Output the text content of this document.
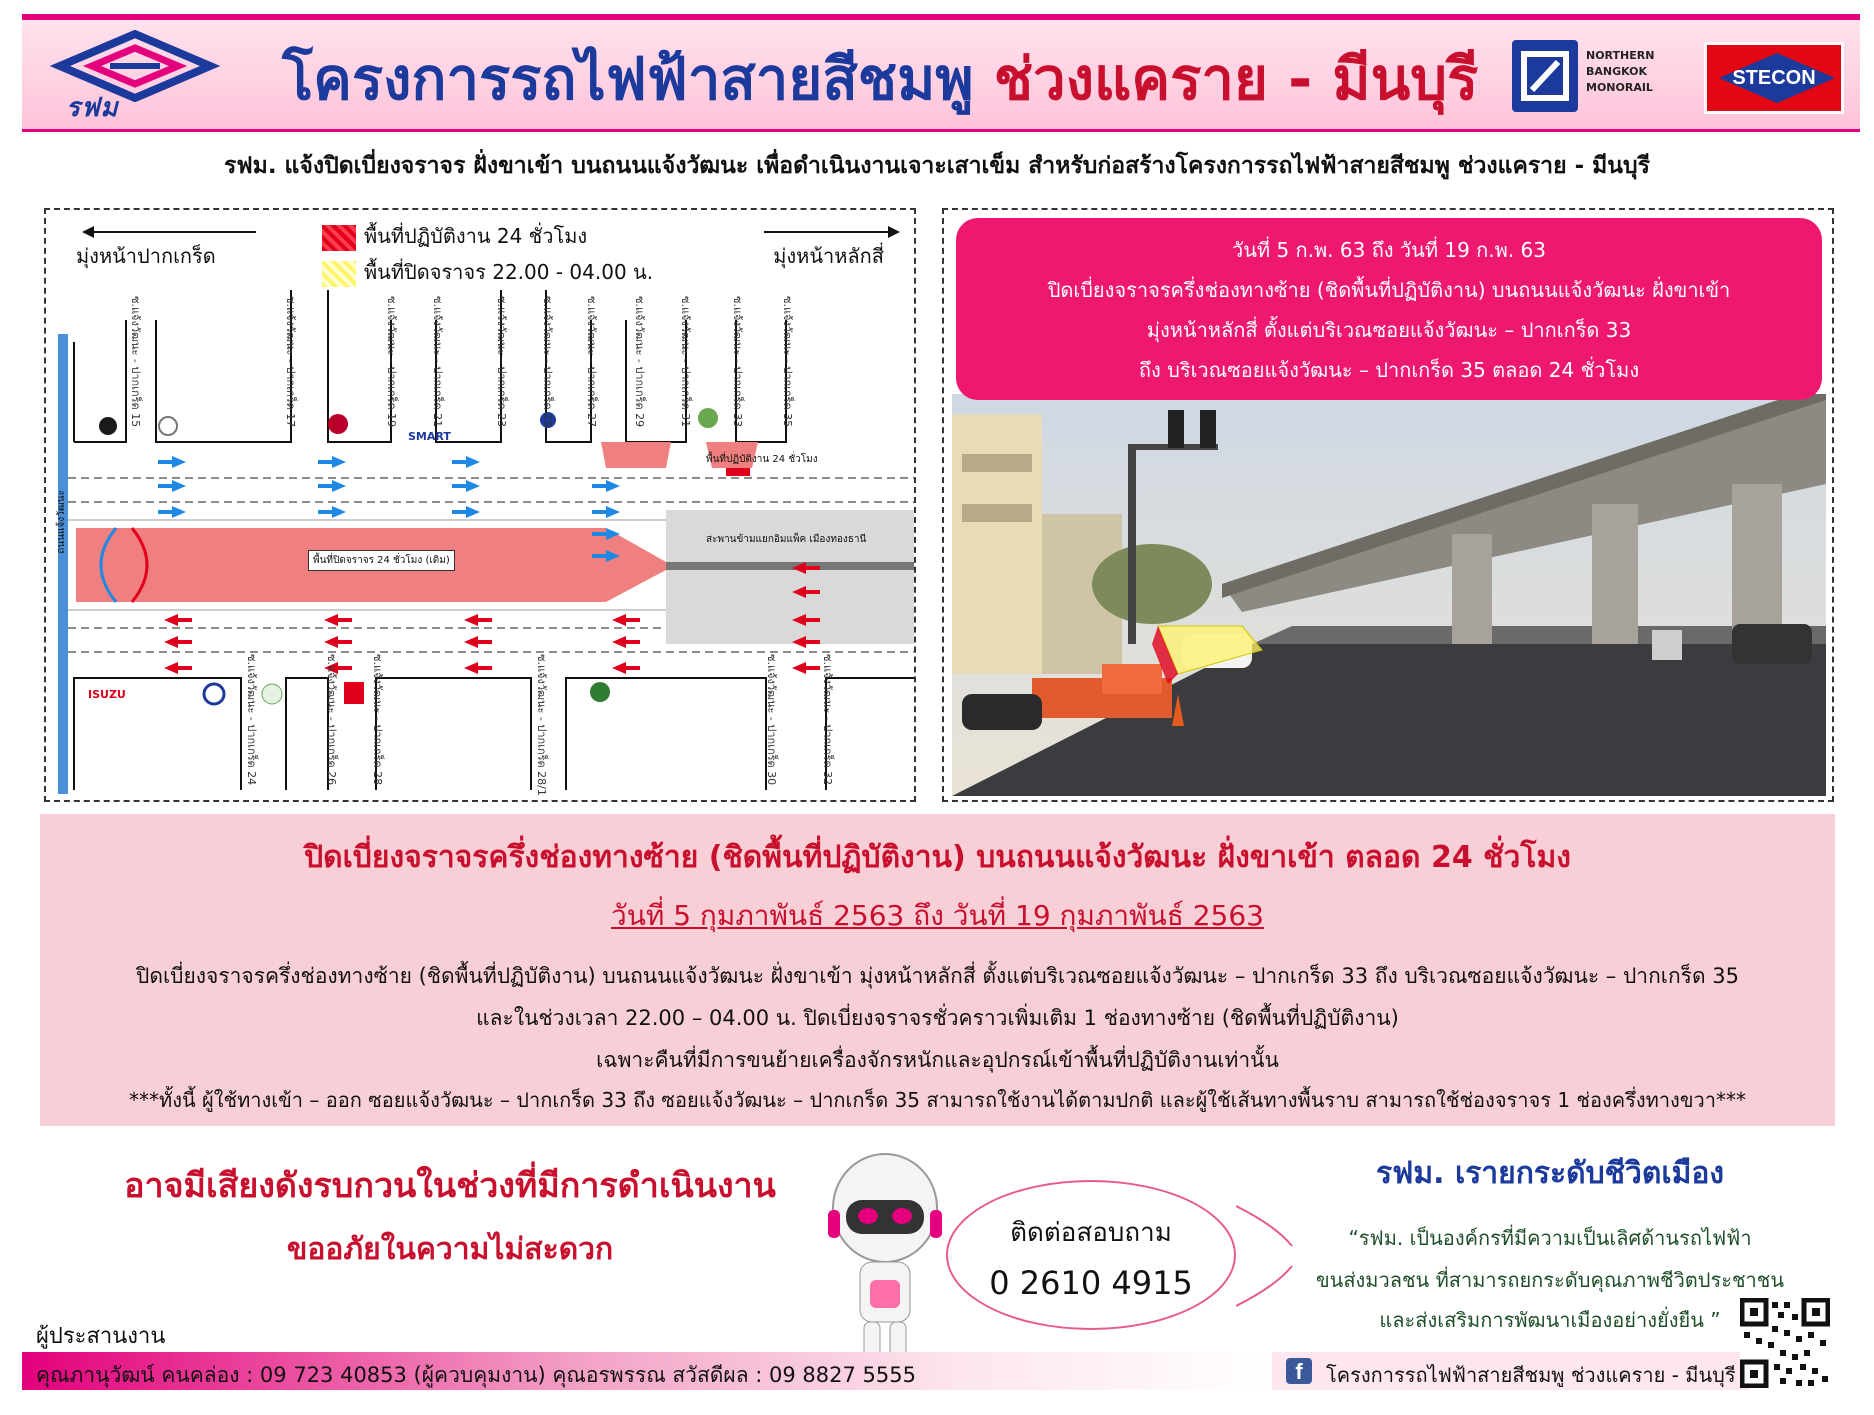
รฟม	โครงการรถไฟฟ้าสายสีชมพู ช่วงแคราย - มีนบุรี	NORTHERN
BANGKOK
MONORAIL	STECON
รฟม. แจ้งปิดเบี่ยงจราจร ฝั่งขาเข้า บนถนนแจ้งวัฒนะ เพื่อดำเนินงานเจาะเสาเข็ม สำหรับก่อสร้างโครงการรถไฟฟ้าสายสีชมพู ช่วงแคราย - มีนบุรี
มุ่งหน้าปากเกร็ด	มุ่งหน้าหลักสี่
พื้นที่ปฏิบัติงาน 24 ชั่วโมง
พื้นที่ปิดจราจร 22.00 - 04.00 น.
ซ.แจ้งวัฒนะ - ปากเกร็ด 15	ซ.แจ้งวัฒนะ - ปากเกร็ด 17	ซ.แจ้งวัฒนะ - ปากเกร็ด 19	ซ.แจ้งวัฒนะ - ปากเกร็ด 21	ซ.แจ้งวัฒนะ - ปากเกร็ด 23	ซ.แจ้งวัฒนะ - ปากเกร็ด 25	ซ.แจ้งวัฒนะ - ปากเกร็ด 27	ซ.แจ้งวัฒนะ - ปากเกร็ด 29	ซ.แจ้งวัฒนะ - ปากเกร็ด 31	ซ.แจ้งวัฒนะ - ปากเกร็ด 33	ซ.แจ้งวัฒนะ - ปากเกร็ด 35
ซ.แจ้งวัฒนะ - ปากเกร็ด 24	ซ.แจ้งวัฒนะ - ปากเกร็ด 26	ซ.แจ้งวัฒนะ - ปากเกร็ด 28	ซ.แจ้งวัฒนะ - ปากเกร็ด 28/1	ซ.แจ้งวัฒนะ - ปากเกร็ด 30	ซ.แจ้งวัฒนะ - ปากเกร็ด 32
พื้นที่ปฏิบัติงาน 24 ชั่วโมง
พื้นที่ปิดจราจร 24 ชั่วโมง (เดิม)
สะพานข้ามแยกอิมแพ็ค เมืองทองธานี
ถนนแจ้งวัฒนะ
SMART
ISUZU
วันที่ 5 ก.พ. 63 ถึง วันที่ 19 ก.พ. 63
ปิดเบี่ยงจราจรครึ่งช่องทางซ้าย (ชิดพื้นที่ปฏิบัติงาน) บนถนนแจ้งวัฒนะ ฝั่งขาเข้า
มุ่งหน้าหลักสี่ ตั้งแต่บริเวณซอยแจ้งวัฒนะ – ปากเกร็ด 33
ถึง บริเวณซอยแจ้งวัฒนะ – ปากเกร็ด 35 ตลอด 24 ชั่วโมง
ปิดเบี่ยงจราจรครึ่งช่องทางซ้าย (ชิดพื้นที่ปฏิบัติงาน) บนถนนแจ้งวัฒนะ ฝั่งขาเข้า ตลอด 24 ชั่วโมง
วันที่ 5 กุมภาพันธ์ 2563 ถึง วันที่ 19 กุมภาพันธ์ 2563
ปิดเบี่ยงจราจรครึ่งช่องทางซ้าย (ชิดพื้นที่ปฏิบัติงาน) บนถนนแจ้งวัฒนะ ฝั่งขาเข้า มุ่งหน้าหลักสี่ ตั้งแต่บริเวณซอยแจ้งวัฒนะ – ปากเกร็ด 33 ถึง บริเวณซอยแจ้งวัฒนะ – ปากเกร็ด 35
และในช่วงเวลา 22.00 – 04.00 น. ปิดเบี่ยงจราจรชั่วคราวเพิ่มเติม 1 ช่องทางซ้าย (ชิดพื้นที่ปฏิบัติงาน)
เฉพาะคืนที่มีการขนย้ายเครื่องจักรหนักและอุปกรณ์เข้าพื้นที่ปฏิบัติงานเท่านั้น
***ทั้งนี้ ผู้ใช้ทางเข้า – ออก ซอยแจ้งวัฒนะ – ปากเกร็ด 33 ถึง ซอยแจ้งวัฒนะ – ปากเกร็ด 35 สามารถใช้งานได้ตามปกติ และผู้ใช้เส้นทางพื้นราบ สามารถใช้ช่องจราจร 1 ช่องครึ่งทางขวา***
อาจมีเสียงดังรบกวนในช่วงที่มีการดำเนินงาน
ขออภัยในความไม่สะดวก	ติดต่อสอบถาม
0 2610 4915
รฟม. เรายกระดับชีวิตเมือง
“รฟม. เป็นองค์กรที่มีความเป็นเลิศด้านรถไฟฟ้า
ขนส่งมวลชน ที่สามารถยกระดับคุณภาพชีวิตประชาชน
และส่งเสริมการพัฒนาเมืองอย่างยั่งยืน ”
ผู้ประสานงาน
คุณภานุวัฒน์ คนคล่อง : 09 723 40853 (ผู้ควบคุมงาน) คุณอรพรรณ สวัสดีผล : 09 8827 5555	f	โครงการรถไฟฟ้าสายสีชมพู ช่วงแคราย - มีนบุรี
